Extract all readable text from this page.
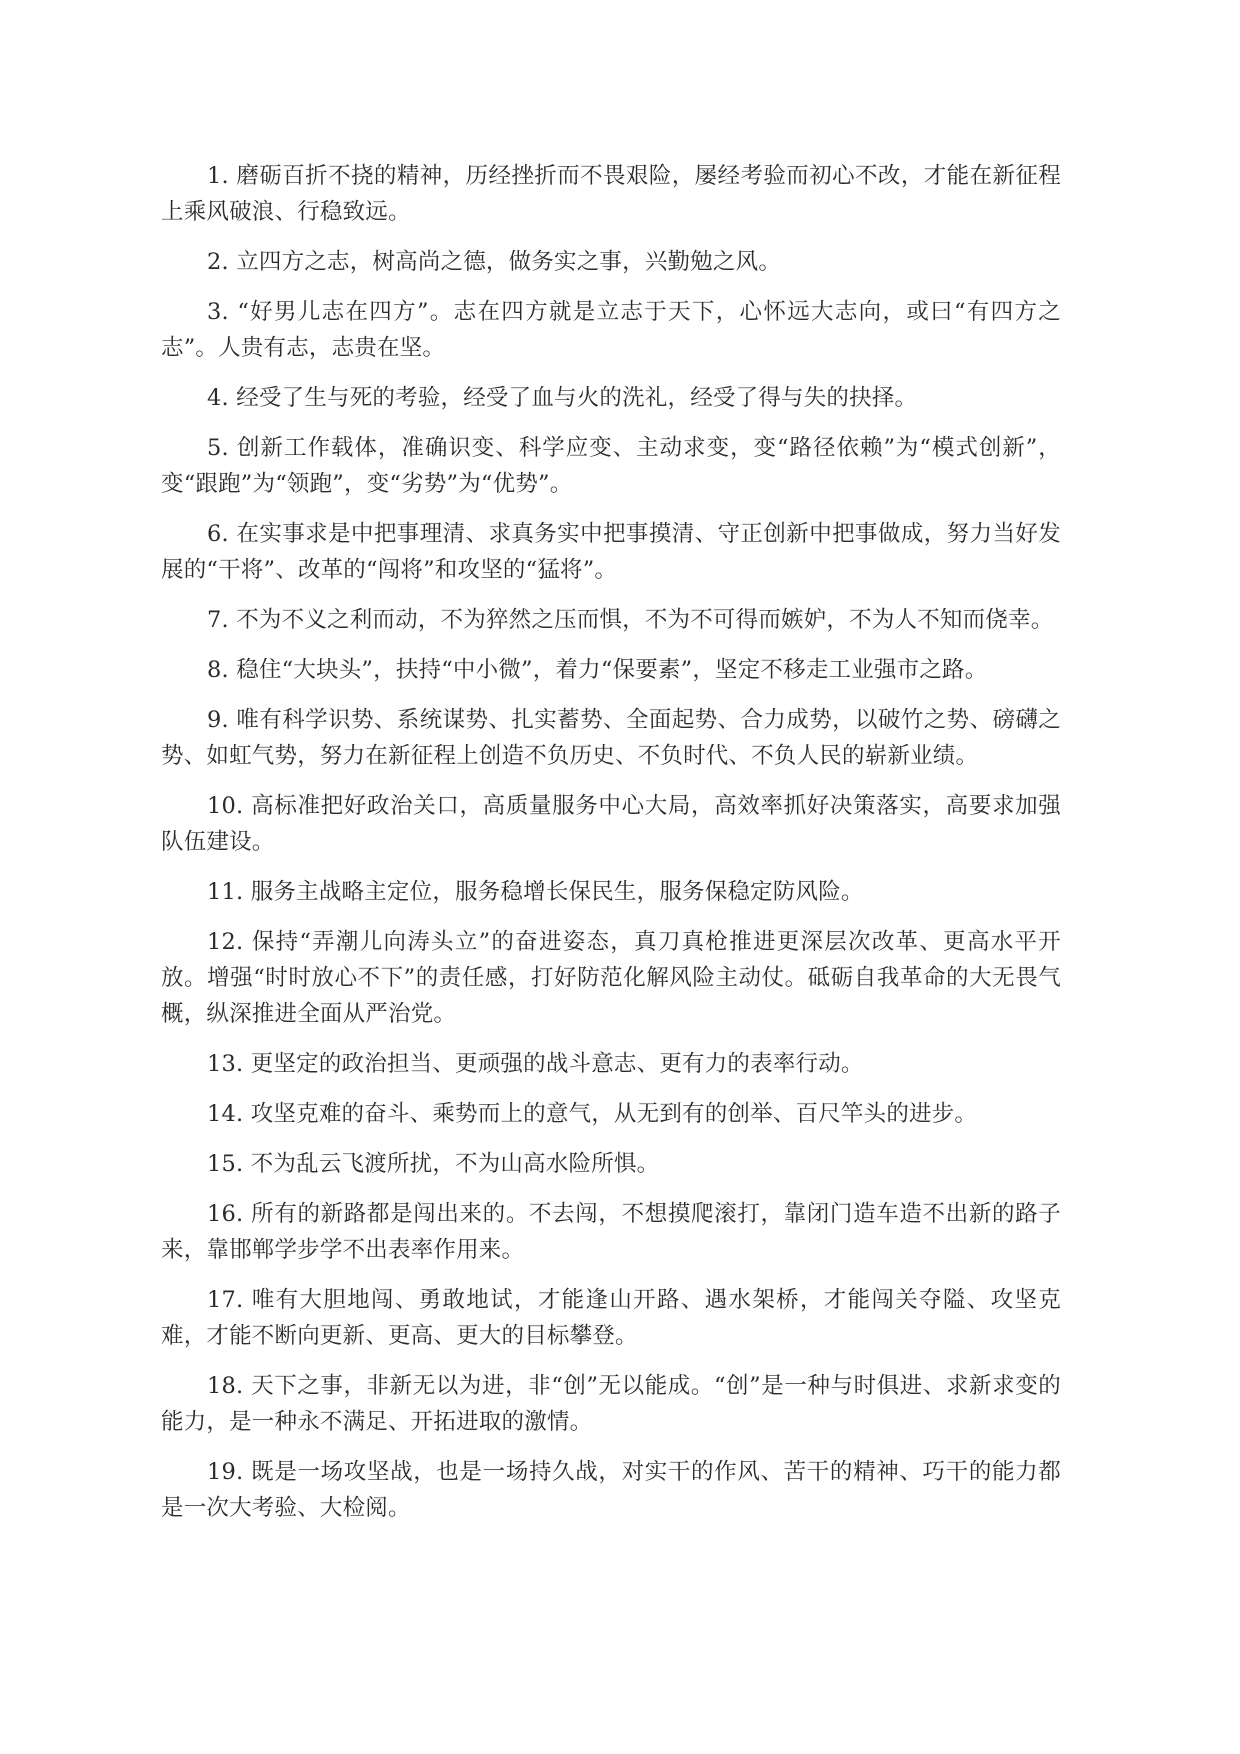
1. 磨砺百折不挠的精神，历经挫折而不畏艰险，屡经考验而初心不改，才能在新征程上乘风破浪、行稳致远。

2. 立四方之志，树高尚之德，做务实之事，兴勤勉之风。

3. “好男儿志在四方”。志在四方就是立志于天下，心怀远大志向，或曰“有四方之志”。人贵有志，志贵在坚。

4. 经受了生与死的考验，经受了血与火的洗礼，经受了得与失的抉择。

5. 创新工作载体，准确识变、科学应变、主动求变，变“路径依赖”为“模式创新”，变“跟跑”为“领跑”，变“劣势”为“优势”。

6. 在实事求是中把事理清、求真务实中把事摸清、守正创新中把事做成，努力当好发展的“干将”、改革的“闯将”和攻坚的“猛将”。

7. 不为不义之利而动，不为猝然之压而惧，不为不可得而嫉妒，不为人不知而侥幸。

8. 稳住“大块头”，扶持“中小微”，着力“保要素”，坚定不移走工业强市之路。

9. 唯有科学识势、系统谋势、扎实蓄势、全面起势、合力成势，以破竹之势、磅礴之势、如虹气势，努力在新征程上创造不负历史、不负时代、不负人民的崭新业绩。

10. 高标准把好政治关口，高质量服务中心大局，高效率抓好决策落实，高要求加强队伍建设。

11. 服务主战略主定位，服务稳增长保民生，服务保稳定防风险。

12. 保持“弄潮儿向涛头立”的奋进姿态，真刀真枪推进更深层次改革、更高水平开放。增强“时时放心不下”的责任感，打好防范化解风险主动仗。砥砺自我革命的大无畏气概，纵深推进全面从严治党。

13. 更坚定的政治担当、更顽强的战斗意志、更有力的表率行动。

14. 攻坚克难的奋斗、乘势而上的意气，从无到有的创举、百尺竿头的进步。

15. 不为乱云飞渡所扰，不为山高水险所惧。

16. 所有的新路都是闯出来的。不去闯，不想摸爬滚打，靠闭门造车造不出新的路子来，靠邯郸学步学不出表率作用来。

17. 唯有大胆地闯、勇敢地试，才能逢山开路、遇水架桥，才能闯关夺隘、攻坚克难，才能不断向更新、更高、更大的目标攀登。

18. 天下之事，非新无以为进，非“创”无以能成。“创”是一种与时俱进、求新求变的能力，是一种永不满足、开拓进取的激情。

19. 既是一场攻坚战，也是一场持久战，对实干的作风、苦干的精神、巧干的能力都是一次大考验、大检阅。
